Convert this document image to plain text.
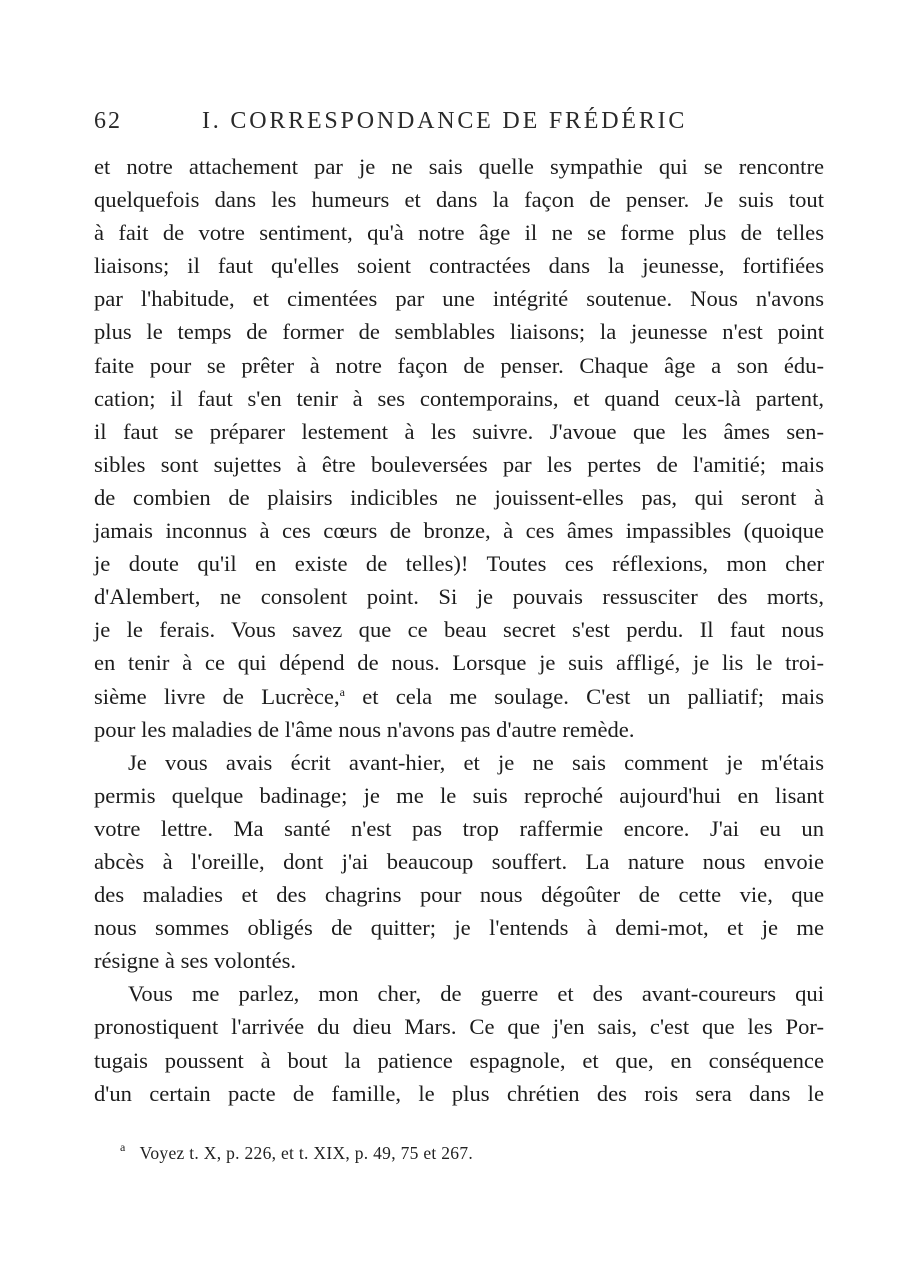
62	I. CORRESPONDANCE DE FRÉDÉRIC

et notre attachement par je ne sais quelle sympathie qui se rencontre
quelquefois dans les humeurs et dans la façon de penser. Je suis tout
à fait de votre sentiment, qu'à notre âge il ne se forme plus de telles
liaisons; il faut qu'elles soient contractées dans la jeunesse, fortifiées
par l'habitude, et cimentées par une intégrité soutenue. Nous n'avons
plus le temps de former de semblables liaisons; la jeunesse n'est point
faite pour se prêter à notre façon de penser. Chaque âge a son édu-
cation; il faut s'en tenir à ses contemporains, et quand ceux-là partent,
il faut se préparer lestement à les suivre. J'avoue que les âmes sen-
sibles sont sujettes à être bouleversées par les pertes de l'amitié; mais
de combien de plaisirs indicibles ne jouissent-elles pas, qui seront à
jamais inconnus à ces cœurs de bronze, à ces âmes impassibles (quoique
je doute qu'il en existe de telles)! Toutes ces réflexions, mon cher
d'Alembert, ne consolent point. Si je pouvais ressusciter des morts,
je le ferais. Vous savez que ce beau secret s'est perdu. Il faut nous
en tenir à ce qui dépend de nous. Lorsque je suis affligé, je lis le troi-
sième livre de Lucrèce,$^a$ et cela me soulage. C'est un palliatif; mais
pour les maladies de l'âme nous n'avons pas d'autre remède.

Je vous avais écrit avant-hier, et je ne sais comment je m'étais
permis quelque badinage; je me le suis reproché aujourd'hui en lisant
votre lettre. Ma santé n'est pas trop raffermie encore. J'ai eu un
abcès à l'oreille, dont j'ai beaucoup souffert. La nature nous envoie
des maladies et des chagrins pour nous dégoûter de cette vie, que
nous sommes obligés de quitter; je l'entends à demi-mot, et je me
résigne à ses volontés.

Vous me parlez, mon cher, de guerre et des avant-coureurs qui
pronostiquent l'arrivée du dieu Mars. Ce que j'en sais, c'est que les Por-
tugais poussent à bout la patience espagnole, et que, en conséquence
d'un certain pacte de famille, le plus chrétien des rois sera dans le

$^a$ Voyez t. X, p. 226, et t. XIX, p. 49, 75 et 267.
